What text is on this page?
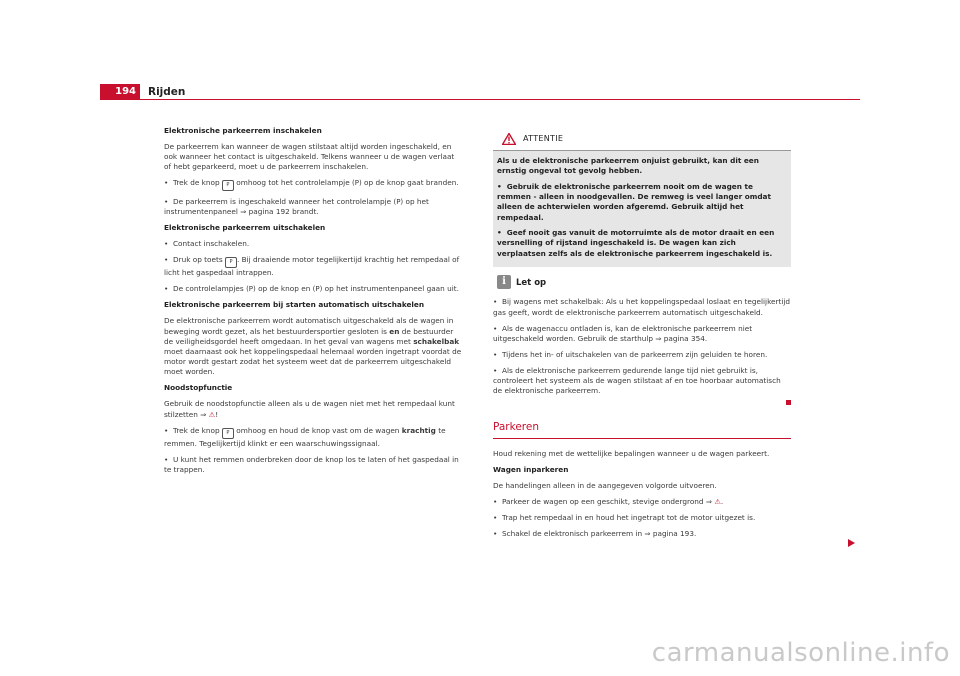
194	Rijden

Elektronische parkeerrem inschakelen

De parkeerrem kan wanneer de wagen stilstaat altijd worden ingeschakeld, en ook wanneer het contact is uitgeschakeld. Telkens wanneer u de wagen verlaat of hebt geparkeerd, moet u de parkeerrem inschakelen.

•  Trek de knop P omhoog tot het controlelampje (P) op de knop gaat branden.

•  De parkeerrem is ingeschakeld wanneer het controlelampje (P) op het instrumentenpaneel ⇒ pagina 192 brandt.

Elektronische parkeerrem uitschakelen

•  Contact inschakelen.

•  Druk op toets P . Bij draaiende motor tegelijkertijd krachtig het rempedaal of licht het gaspedaal intrappen.

•  De controlelampjes (P) op de knop en (P) op het instrumentenpaneel gaan uit.

Elektronische parkeerrem bij starten automatisch uitschakelen

De elektronische parkeerrem wordt automatisch uitgeschakeld als de wagen in beweging wordt gezet, als het bestuurdersportier gesloten is en de bestuurder de veiligheidsgordel heeft omgedaan. In het geval van wagens met schakelbak moet daarnaast ook het koppelingspedaal helemaal worden ingetrapt voordat de motor wordt gestart zodat het systeem weet dat de parkeerrem uitgeschakeld moet worden.

Noodstopfunctie

Gebruik de noodstopfunctie alleen als u de wagen niet met het rempedaal kunt stilzetten ⇒ ⚠!

•  Trek de knop P omhoog en houd de knop vast om de wagen krachtig te remmen. Tegelijkertijd klinkt er een waarschuwingssignaal.

•  U kunt het remmen onderbreken door de knop los te laten of het gaspedaal in te trappen.

ATTENTIE

Als u de elektronische parkeerrem onjuist gebruikt, kan dit een ernstig ongeval tot gevolg hebben.

•  Gebruik de elektronische parkeerrem nooit om de wagen te remmen - alleen in noodgevallen. De remweg is veel langer omdat alleen de achterwielen worden afgeremd. Gebruik altijd het rempedaal.

•  Geef nooit gas vanuit de motorruimte als de motor draait en een versnelling of rijstand ingeschakeld is. De wagen kan zich verplaatsen zelfs als de elektronische parkeerrem ingeschakeld is.

i	Let op

•  Bij wagens met schakelbak: Als u het koppelingspedaal loslaat en tegelijkertijd gas geeft, wordt de elektronische parkeerrem automatisch uitgeschakeld.

•  Als de wagenaccu ontladen is, kan de elektronische parkeerrem niet uitgeschakeld worden. Gebruik de starthulp ⇒ pagina 354.

•  Tijdens het in- of uitschakelen van de parkeerrem zijn geluiden te horen.

•  Als de elektronische parkeerrem gedurende lange tijd niet gebruikt is, controleert het systeem als de wagen stilstaat af en toe hoorbaar automatisch de elektronische parkeerrem.

Parkeren

Houd rekening met de wettelijke bepalingen wanneer u de wagen parkeert.

Wagen inparkeren

De handelingen alleen in de aangegeven volgorde uitvoeren.

•  Parkeer de wagen op een geschikt, stevige ondergrond ⇒ ⚠.

•  Trap het rempedaal in en houd het ingetrapt tot de motor uitgezet is.

•  Schakel de elektronisch parkeerrem in ⇒ pagina 193.

carmanualsonline.info
